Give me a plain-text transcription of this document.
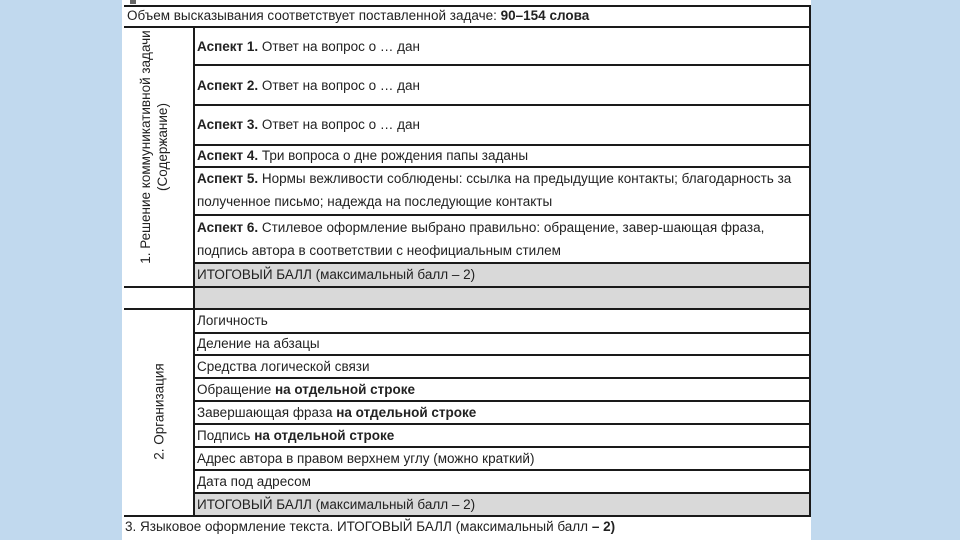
Объем высказывания соответствует поставленной задаче: 90–154 слова
1. Решение коммуникативной задачи (Содержание)
Аспект 1. Ответ на вопрос о … дан
Аспект 2. Ответ на вопрос о … дан
Аспект 3. Ответ на вопрос о … дан
Аспект 4. Три вопроса о дне рождения папы заданы
Аспект 5. Нормы вежливости соблюдены: ссылка на предыдущие контакты; благодарность за полученное письмо; надежда на последующие контакты
Аспект 6. Стилевое оформление выбрано правильно: обращение, завер-шающая фраза, подпись автора в соответствии с неофициальным стилем
ИТОГОВЫЙ БАЛЛ (максимальный балл – 2)
2. Организация
Логичность
Деление на абзацы
Средства логической связи
Обращение на отдельной строке
Завершающая фраза на отдельной строке
Подпись на отдельной строке
Адрес автора в правом верхнем углу (можно краткий)
Дата под адресом
ИТОГОВЫЙ БАЛЛ (максимальный балл – 2)
3. Языковое оформление текста. ИТОГОВЫЙ БАЛЛ (максимальный балл – 2)
